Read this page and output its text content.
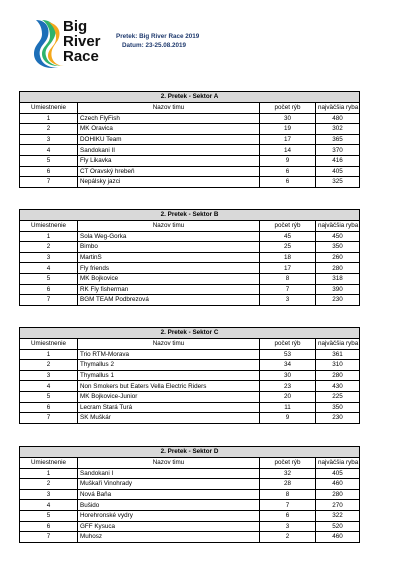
Big
River
Race
Pretek: Big River Race 2019
Datum: 23-25.08.2019
2. Pretek - Sektor A			
Umiestnenie	Nazov timu	počet rýb	najväčšia ryba
1	Czech FlyFish	30	480
2	MK Oravica	19	302
3	DOHIKU Team	17	365
4	Sandokani II	14	370
5	Fly Likavka	9	416
6	CT Oravský hrebeň	6	405
7	Nepálsky jazci	6	325
2. Pretek - Sektor B			
Umiestnenie	Nazov timu	počet rýb	najväčšia ryba
1	Sola Weg-Gorka	45	450
2	Bimbo	25	350
3	MartinS	18	260
4	Fly friends	17	280
5	MK Bojkovice	8	318
6	RK Fly fisherman	7	390
7	BGM TEAM Podbrezová	3	230
2. Pretek - Sektor C			
Umiestnenie	Nazov timu	počet rýb	najväčšia ryba
1	Trio RTM-Morava	53	361
2	Thymallus 2	34	310
3	Thymallus 1	30	280
4	Non Smokers but Eaters Vella Electric Riders	23	430
5	MK Bojkovice-Junior	20	225
6	Lecram Stará Turá	11	350
7	SK Muškár	9	230
2. Pretek - Sektor D			
Umiestnenie	Nazov timu	počet rýb	najväčšia ryba
1	Sandokani I	32	405
2	Muškaři Vinohrady	28	460
3	Nová Baňa	8	280
4	Bušido	7	270
5	Horehronské vydry	6	322
6	GFF Kysuca	3	520
7	Muhosz	2	460
